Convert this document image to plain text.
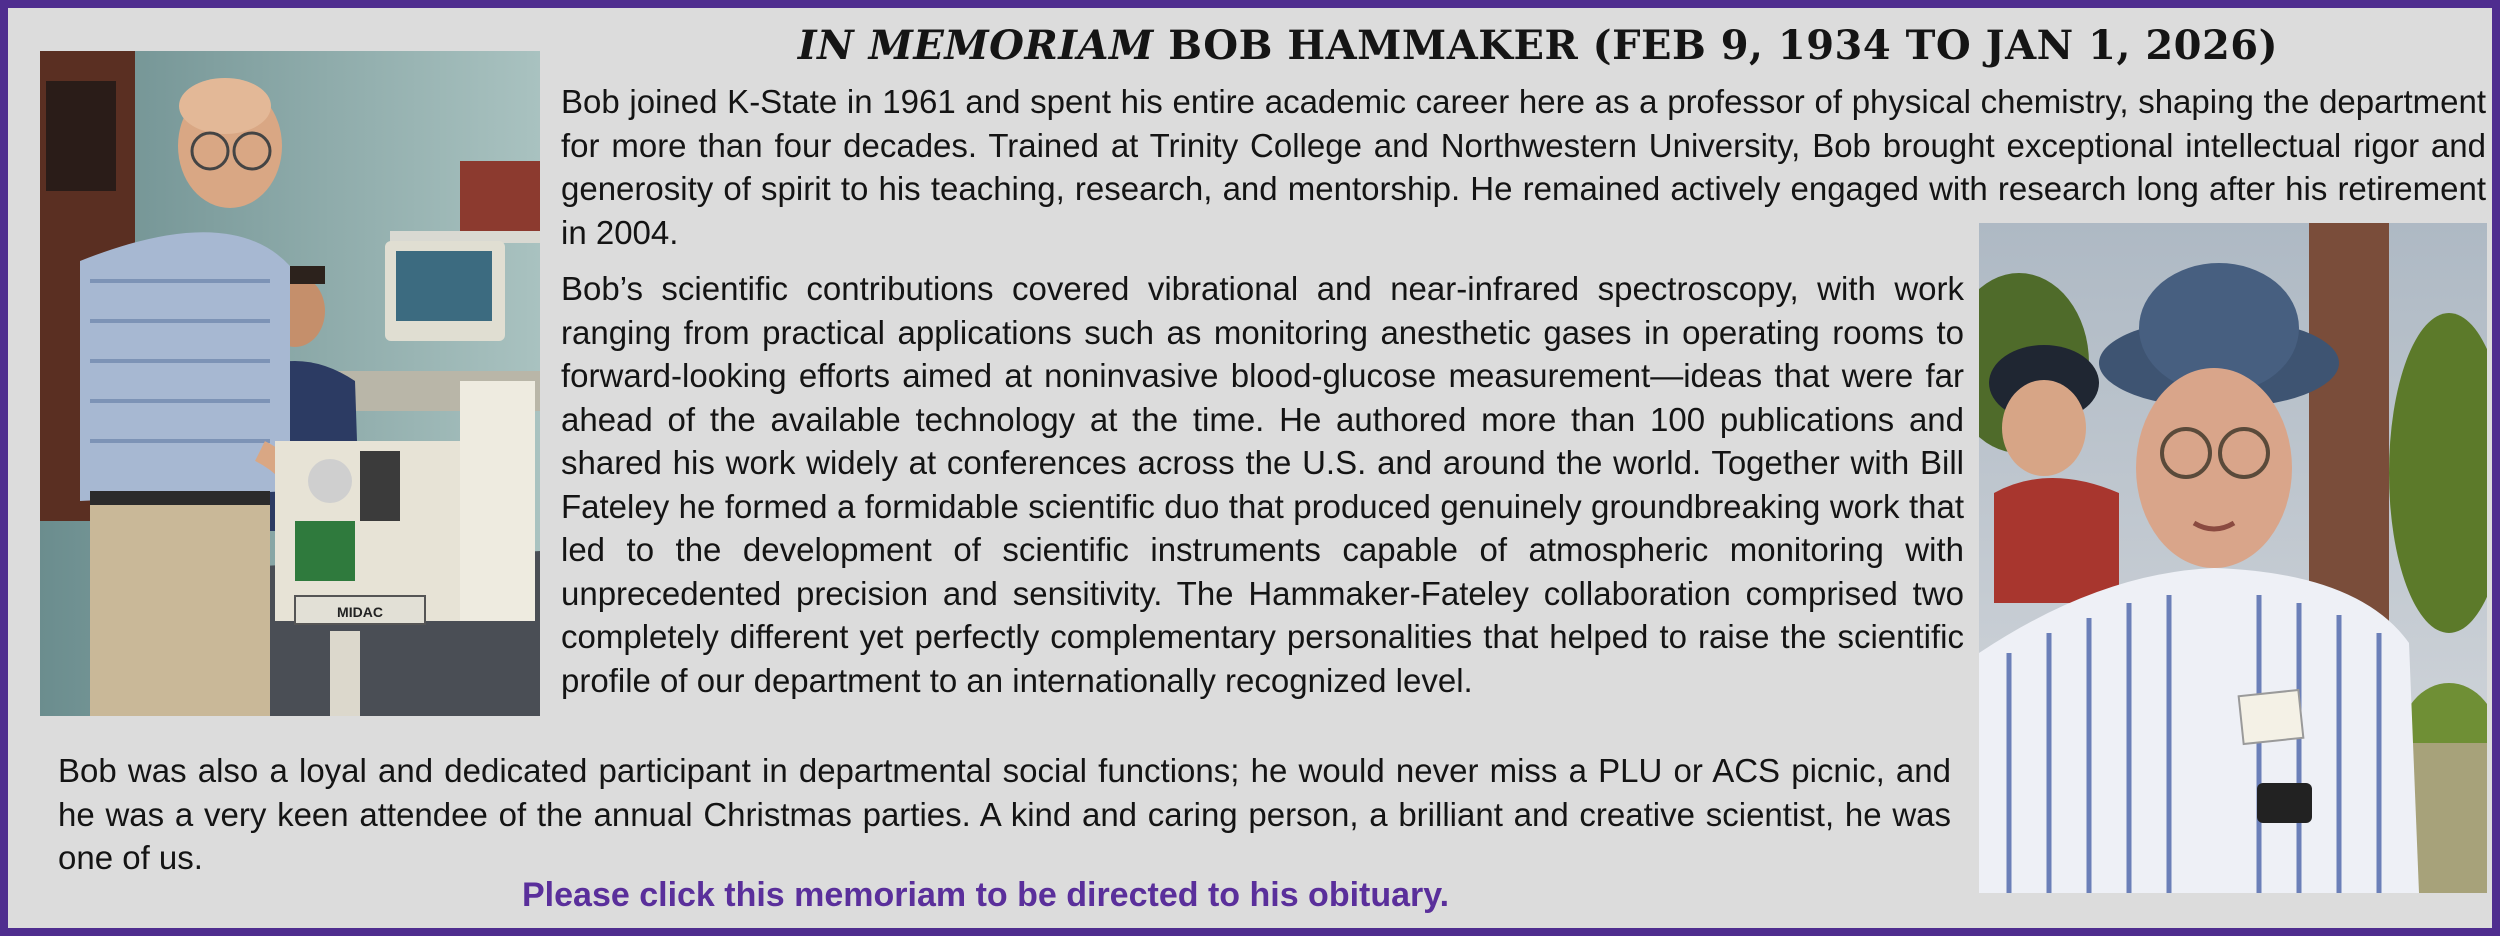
IN MEMORIAM BOB HAMMAKER (FEB 9, 1934 TO JAN 1, 2026)
MIDAC

Bob joined K-State in 1961 and spent his entire academic career here as a professor of physical chemistry, shaping the department for more than four decades. Trained at Trinity College and Northwestern University, Bob brought exceptional intellectual rigor and generosity of spirit to his teaching, research, and mentorship. He remained actively engaged with research long after his retirement in 2004.

Bob’s scientific contributions covered vibrational and near-infrared spectroscopy, with work ranging from practical applications such as monitoring anesthetic gases in operating rooms to forward-looking efforts aimed at noninvasive blood-glucose measurement—ideas that were far ahead of the available technology at the time. He authored more than 100 publications and shared his work widely at conferences across the U.S. and around the world. Together with Bill Fateley he formed a formidable scientific duo that produced genuinely groundbreaking work that led to the development of scientific instruments capable of atmospheric monitoring with unprecedented precision and sensitivity. The Hammaker-Fateley collaboration comprised two completely different yet perfectly complementary personalities that helped to raise the scientific profile of our department to an internationally recognized level.

Bob was also a loyal and dedicated participant in departmental social functions; he would never miss a PLU or ACS picnic, and he was a very keen attendee of the annual Christmas parties. A kind and caring person, a brilliant and creative scientist, he was one of us.

Please click this memoriam to be directed to his obituary.
